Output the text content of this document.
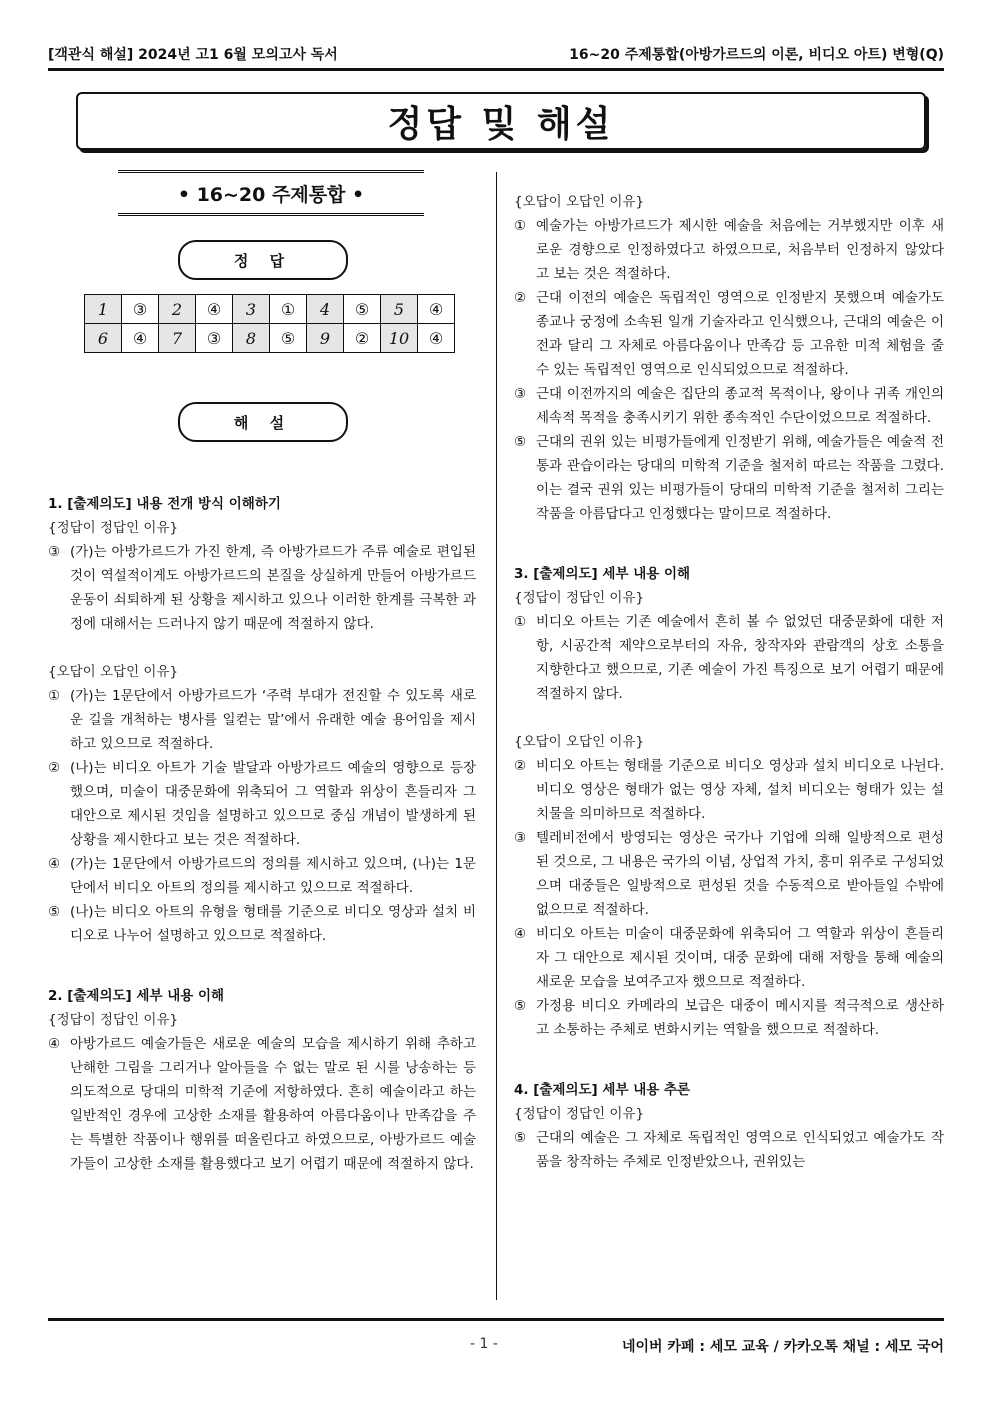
[객관식 해설] 2024년 고1 6월 모의고사 독서	16~20 주제통합(아방가르드의 이론, 비디오 아트) 변형(Q)
정답 및 해설
• 16~20 주제통합 •
정 답
1	③	2	④	3	①	4	⑤	5	④
6	④	7	③	8	⑤	9	②	10	④
해 설
1. [출제의도] 내용 전개 방식 이해하기
{정답이 정답인 이유}
③ (가)는 아방가르드가 가진 한계, 즉 아방가르드가 주류 예술로 편입된 것이 역설적이게도 아방가르드의 본질을 상실하게 만들어 아방가르드 운동이 쇠퇴하게 된 상황을 제시하고 있으나 이러한 한계를 극복한 과정에 대해서는 드러나지 않기 때문에 적절하지 않다.
{오답이 오답인 이유}
① (가)는 1문단에서 아방가르드가 ‘주력 부대가 전진할 수 있도록 새로운 길을 개척하는 병사를 일컫는 말’에서 유래한 예술 용어임을 제시하고 있으므로 적절하다.
② (나)는 비디오 아트가 기술 발달과 아방가르드 예술의 영향으로 등장했으며, 미술이 대중문화에 위축되어 그 역할과 위상이 흔들리자 그 대안으로 제시된 것임을 설명하고 있으므로 중심 개념이 발생하게 된 상황을 제시한다고 보는 것은 적절하다.
④ (가)는 1문단에서 아방가르드의 정의를 제시하고 있으며, (나)는 1문단에서 비디오 아트의 정의를 제시하고 있으므로 적절하다.
⑤ (나)는 비디오 아트의 유형을 형태를 기준으로 비디오 영상과 설치 비디오로 나누어 설명하고 있으므로 적절하다.
2. [출제의도] 세부 내용 이해
{정답이 정답인 이유}
④ 아방가르드 예술가들은 새로운 예술의 모습을 제시하기 위해 추하고 난해한 그림을 그리거나 알아들을 수 없는 말로 된 시를 낭송하는 등 의도적으로 당대의 미학적 기준에 저항하였다. 흔히 예술이라고 하는 일반적인 경우에 고상한 소재를 활용하여 아름다움이나 만족감을 주는 특별한 작품이나 행위를 떠올린다고 하였으므로, 아방가르드 예술가들이 고상한 소재를 활용했다고 보기 어렵기 때문에 적절하지 않다.
{오답이 오답인 이유}
① 예술가는 아방가르드가 제시한 예술을 처음에는 거부했지만 이후 새로운 경향으로 인정하였다고 하였으므로, 처음부터 인정하지 않았다고 보는 것은 적절하다.
② 근대 이전의 예술은 독립적인 영역으로 인정받지 못했으며 예술가도 종교나 궁정에 소속된 일개 기술자라고 인식했으나, 근대의 예술은 이전과 달리 그 자체로 아름다움이나 만족감 등 고유한 미적 체험을 줄 수 있는 독립적인 영역으로 인식되었으므로 적절하다.
③ 근대 이전까지의 예술은 집단의 종교적 목적이나, 왕이나 귀족 개인의 세속적 목적을 충족시키기 위한 종속적인 수단이었으므로 적절하다.
⑤ 근대의 권위 있는 비평가들에게 인정받기 위해, 예술가들은 예술적 전통과 관습이라는 당대의 미학적 기준을 철저히 따르는 작품을 그렸다. 이는 결국 권위 있는 비평가들이 당대의 미학적 기준을 철저히 그리는 작품을 아름답다고 인정했다는 말이므로 적절하다.
3. [출제의도] 세부 내용 이해
{정답이 정답인 이유}
① 비디오 아트는 기존 예술에서 흔히 볼 수 없었던 대중문화에 대한 저항, 시공간적 제약으로부터의 자유, 창작자와 관람객의 상호 소통을 지향한다고 했으므로, 기존 예술이 가진 특징으로 보기 어렵기 때문에 적절하지 않다.
{오답이 오답인 이유}
② 비디오 아트는 형태를 기준으로 비디오 영상과 설치 비디오로 나뉜다. 비디오 영상은 형태가 없는 영상 자체, 설치 비디오는 형태가 있는 설치물을 의미하므로 적절하다.
③ 텔레비전에서 방영되는 영상은 국가나 기업에 의해 일방적으로 편성된 것으로, 그 내용은 국가의 이념, 상업적 가치, 흥미 위주로 구성되었으며 대중들은 일방적으로 편성된 것을 수동적으로 받아들일 수밖에 없으므로 적절하다.
④ 비디오 아트는 미술이 대중문화에 위축되어 그 역할과 위상이 흔들리자 그 대안으로 제시된 것이며, 대중 문화에 대해 저항을 통해 예술의 새로운 모습을 보여주고자 했으므로 적절하다.
⑤ 가정용 비디오 카메라의 보급은 대중이 메시지를 적극적으로 생산하고 소통하는 주체로 변화시키는 역할을 했으므로 적절하다.
4. [출제의도] 세부 내용 추론
{정답이 정답인 이유}
⑤ 근대의 예술은 그 자체로 독립적인 영역으로 인식되었고 예술가도 작품을 창작하는 주체로 인정받았으나, 권위있는
- 1 -	네이버 카페 : 세모 교육 / 카카오톡 채널 : 세모 국어
